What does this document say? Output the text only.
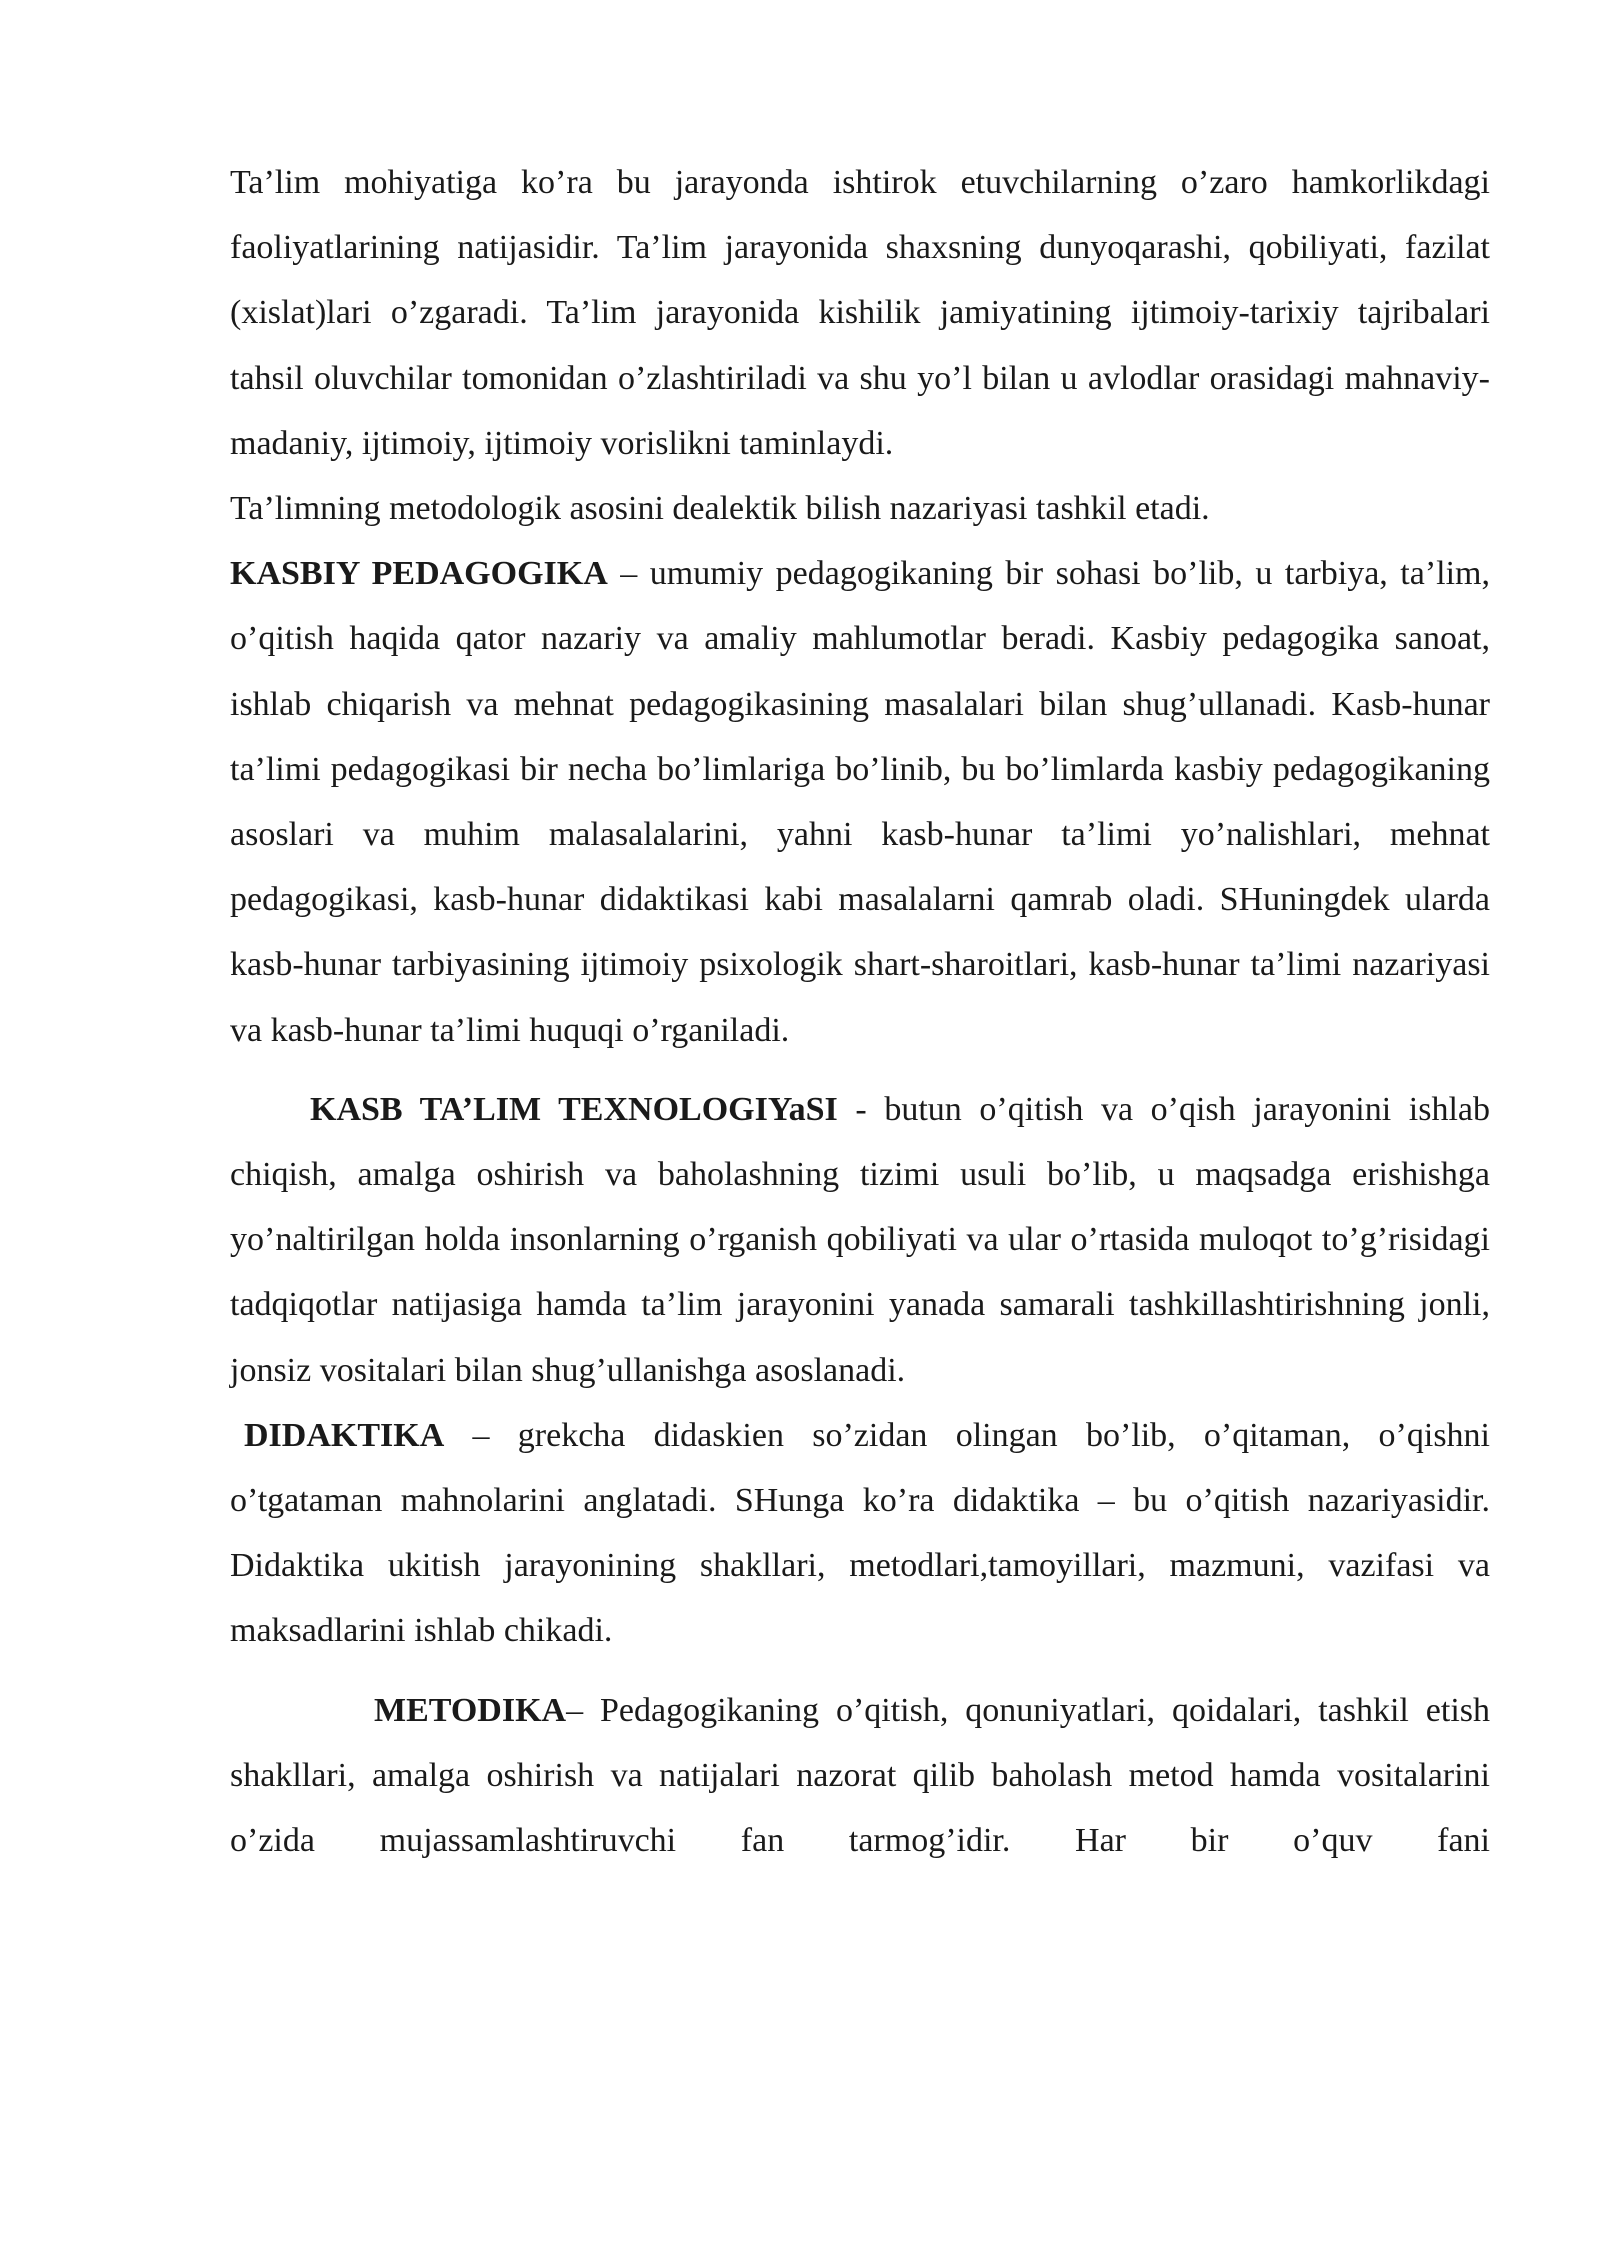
Ta’lim mohiyatiga ko’ra bu jarayonda ishtirok etuvchilarning o’zaro hamkorlikdagi faoliyatlarining natijasidir. Ta’lim jarayonida shaxsning dunyoqarashi, qobiliyati, fazilat (xislat)lari o’zgaradi. Ta’lim jarayonida kishilik jamiyatining ijtimoiy-tarixiy tajribalari tahsil oluvchilar tomonidan o’zlashtiriladi va shu yo’l bilan u avlodlar orasidagi mahnaviy-madaniy, ijtimoiy, ijtimoiy vorislikni taminlaydi.

Ta’limning metodologik asosini dealektik bilish nazariyasi tashkil etadi.

KASBIY PEDAGOGIKA – umumiy pedagogikaning bir sohasi bo’lib, u tarbiya, ta’lim, o’qitish haqida qator nazariy va amaliy mahlumotlar beradi. Kasbiy pedagogika sanoat, ishlab chiqarish va mehnat pedagogikasining masalalari bilan shug’ullanadi. Kasb-hunar ta’limi pedagogikasi bir necha bo’limlariga bo’linib, bu bo’limlarda kasbiy pedagogikaning asoslari va muhim malasalalarini, yahni kasb-hunar ta’limi yo’nalishlari, mehnat pedagogikasi, kasb-hunar didaktikasi kabi masalalarni qamrab oladi. SHuningdek ularda kasb-hunar tarbiyasining ijtimoiy psixologik shart-sharoitlari, kasb-hunar ta’limi nazariyasi va kasb-hunar ta’limi huquqi o’rganiladi.

KASB TA’LIM TEXNOLOGIYaSI - butun o’qitish va o’qish jarayonini ishlab chiqish, amalga oshirish va baholashning tizimi usuli bo’lib, u maqsadga erishishga yo’naltirilgan holda insonlarning o’rganish qobiliyati va ular o’rtasida muloqot to’g’risidagi tadqiqotlar natijasiga hamda ta’lim jarayonini yanada samarali tashkillashtirishning jonli, jonsiz vositalari bilan shug’ullanishga asoslanadi.

DIDAKTIKA – grekcha didaskien so’zidan olingan bo’lib, o’qitaman, o’qishni o’tgataman mahnolarini anglatadi. SHunga ko’ra didaktika – bu o’qitish nazariyasidir. Didaktika ukitish jarayonining shakllari, metodlari,tamoyillari, mazmuni, vazifasi va maksadlarini ishlab chikadi.

METODIKA– Pedagogikaning o’qitish, qonuniyatlari, qoidalari, tashkil etish shakllari, amalga oshirish va natijalari nazorat qilib baholash metod hamda vositalarini o’zida mujassamlashtiruvchi fan tarmog’idir. Har bir o’quv fani
